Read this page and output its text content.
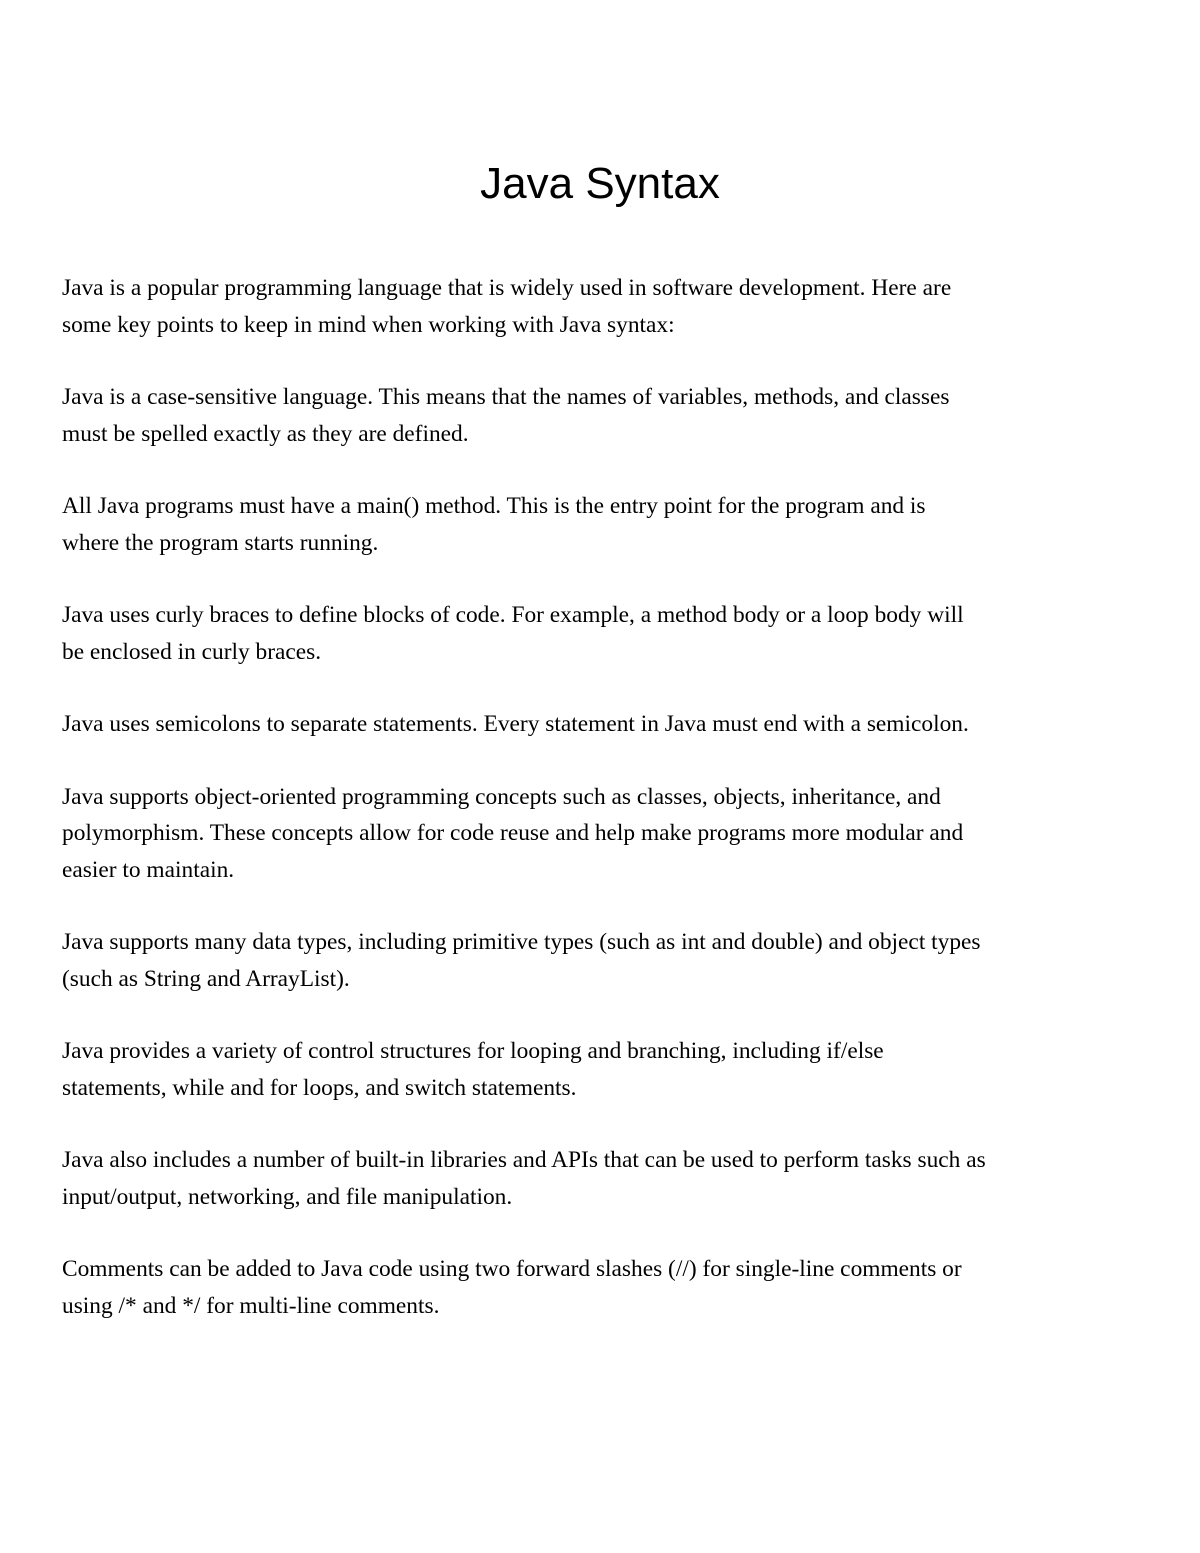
Java Syntax

Java is a popular programming language that is widely used in software development. Here are
some key points to keep in mind when working with Java syntax:

Java is a case-sensitive language. This means that the names of variables, methods, and classes
must be spelled exactly as they are defined.

All Java programs must have a main() method. This is the entry point for the program and is
where the program starts running.

Java uses curly braces to define blocks of code. For example, a method body or a loop body will
be enclosed in curly braces.

Java uses semicolons to separate statements. Every statement in Java must end with a semicolon.

Java supports object-oriented programming concepts such as classes, objects, inheritance, and
polymorphism. These concepts allow for code reuse and help make programs more modular and
easier to maintain.

Java supports many data types, including primitive types (such as int and double) and object types
(such as String and ArrayList).

Java provides a variety of control structures for looping and branching, including if/else
statements, while and for loops, and switch statements.

Java also includes a number of built-in libraries and APIs that can be used to perform tasks such as
input/output, networking, and file manipulation.

Comments can be added to Java code using two forward slashes (//) for single-line comments or
using /* and */ for multi-line comments.
